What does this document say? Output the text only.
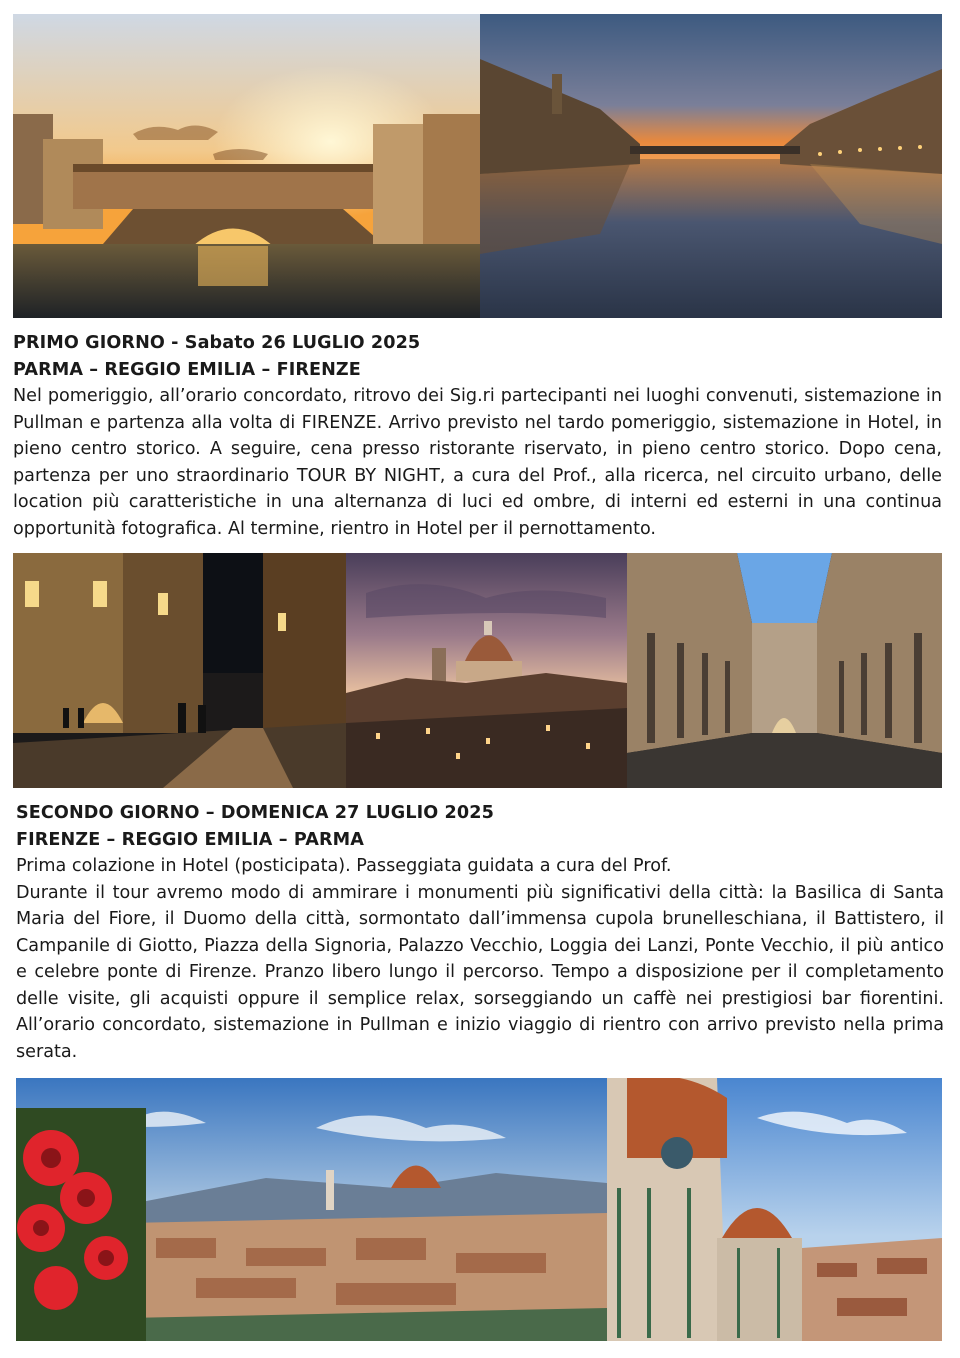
PRIMO GIORNO - Sabato 26 LUGLIO 2025
PARMA – REGGIO EMILIA – FIRENZE

Nel pomeriggio, all’orario concordato, ritrovo dei Sig.ri partecipanti nei luoghi convenuti, sistemazione in Pullman e partenza alla volta di FIRENZE. Arrivo previsto nel tardo pomeriggio, sistemazione in Hotel, in pieno centro storico. A seguire, cena presso ristorante riservato, in pieno centro storico. Dopo cena, partenza per uno straordinario TOUR BY NIGHT, a cura del Prof., alla ricerca, nel circuito urbano, delle location più caratteristiche in una alternanza di luci ed ombre, di interni ed esterni in una continua opportunità fotografica. Al termine, rientro in Hotel per il pernottamento.

SECONDO GIORNO – DOMENICA 27 LUGLIO 2025
FIRENZE – REGGIO EMILIA – PARMA
Prima colazione in Hotel (posticipata). Passeggiata guidata a cura del Prof.

Durante il tour avremo modo di ammirare i monumenti più significativi della città: la Basilica di Santa Maria del Fiore, il Duomo della città, sormontato dall’immensa cupola brunelleschiana, il Battistero, il Campanile di Giotto, Piazza della Signoria, Palazzo Vecchio, Loggia dei Lanzi, Ponte Vecchio, il più antico e celebre ponte di Firenze. Pranzo libero lungo il percorso. Tempo a disposizione per il completamento delle visite, gli acquisti oppure il semplice relax, sorseggiando un caffè nei prestigiosi bar fiorentini. All’orario concordato, sistemazione in Pullman e inizio viaggio di rientro con arrivo previsto nella prima serata.
